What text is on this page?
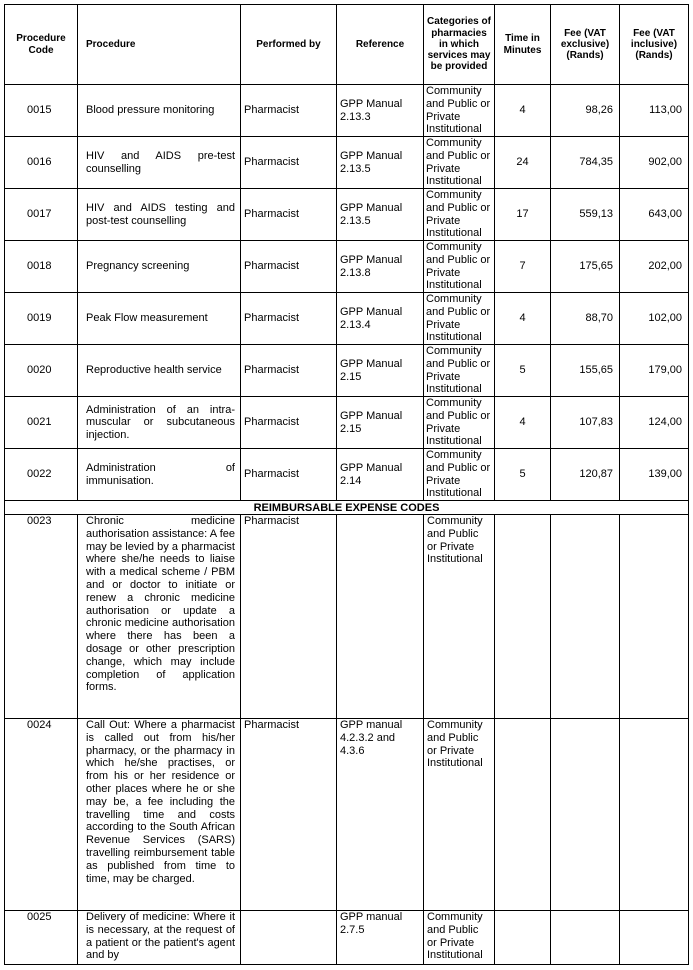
Procedure Code	Procedure	Performed by	Reference	Categories of pharmacies in which services may be provided	Time in Minutes	Fee (VAT exclusive) (Rands)	Fee (VAT inclusive) (Rands)
0015	Blood pressure monitoring	Pharmacist	GPP Manual 2.13.3	Community and Public or Private Institutional	4	98,26	113,00
0016	HIV and AIDS pre-test counselling	Pharmacist	GPP Manual 2.13.5	Community and Public or Private Institutional	24	784,35	902,00
0017	HIV and AIDS testing and post-test counselling	Pharmacist	GPP Manual 2.13.5	Community and Public or Private Institutional	17	559,13	643,00
0018	Pregnancy screening	Pharmacist	GPP Manual 2.13.8	Community and Public or Private Institutional	7	175,65	202,00
0019	Peak Flow measurement	Pharmacist	GPP Manual 2.13.4	Community and Public or Private Institutional	4	88,70	102,00
0020	Reproductive health service	Pharmacist	GPP Manual 2.15	Community and Public or Private Institutional	5	155,65	179,00
0021	Administration of an intra-muscular or subcutaneous injection.	Pharmacist	GPP Manual 2.15	Community and Public or Private Institutional	4	107,83	124,00
0022	Administration of immunisation.	Pharmacist	GPP Manual 2.14	Community and Public or Private Institutional	5	120,87	139,00
REIMBURSABLE EXPENSE CODES							
0023	Chronic medicine authorisation assistance: A fee may be levied by a pharmacist where she/he needs to liaise with a medical scheme / PBM and or doctor to initiate or renew a chronic medicine authorisation or update a chronic medicine authorisation where there has been a dosage or other prescription change, which may include completion of application forms.	Pharmacist		Community and Public or Private Institutional			
0024	Call Out: Where a pharmacist is called out from his/her pharmacy, or the pharmacy in which he/she practises, or from his or her residence or other places where he or she may be, a fee including the travelling time and costs according to the South African Revenue Services (SARS) travelling reimbursement table as published from time to time, may be charged.	Pharmacist	GPP manual 4.2.3.2 and 4.3.6	Community and Public or Private Institutional			
0025	Delivery of medicine: Where it is necessary, at the request of a patient or the patient's agent and by		GPP manual 2.7.5	Community and Public or Private Institutional			
